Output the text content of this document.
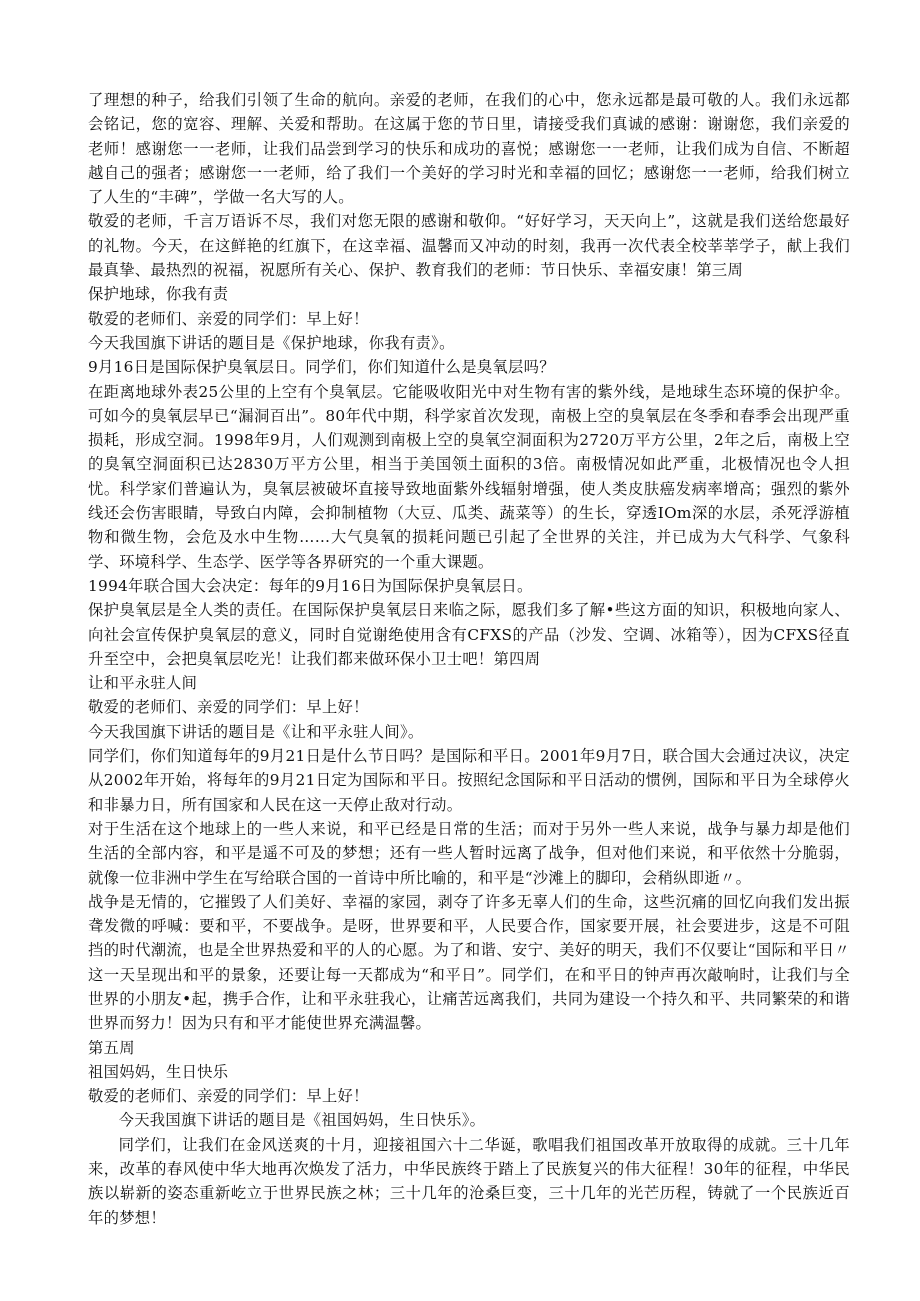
了理想的种子，给我们引领了生命的航向。亲爱的老师，在我们的心中，您永远都是最可敬的人。我们永远都会铭记，您的宽容、理解、关爱和帮助。在这属于您的节日里，请接受我们真诚的感谢：谢谢您，我们亲爱的老师！感谢您一一老师，让我们品尝到学习的快乐和成功的喜悦；感谢您一一老师，让我们成为自信、不断超越自己的强者；感谢您一一老师，给了我们一个美好的学习时光和幸福的回忆；感谢您一一老师，给我们树立了人生的“丰碑”，学做一名大写的人。

敬爱的老师，千言万语诉不尽，我们对您无限的感谢和敬仰。“好好学习，天天向上”，这就是我们送给您最好的礼物。今天，在这鲜艳的红旗下，在这幸福、温馨而又冲动的时刻，我再一次代表全校莘莘学子，献上我们最真挚、最热烈的祝福，祝愿所有关心、保护、教育我们的老师：节日快乐、幸福安康！第三周

保护地球，你我有责

敬爱的老师们、亲爱的同学们：早上好！

今天我国旗下讲话的题目是《保护地球，你我有责》。

9月16日是国际保护臭氧层日。同学们，你们知道什么是臭氧层吗？

在距离地球外表25公里的上空有个臭氧层。它能吸收阳光中对生物有害的紫外线，是地球生态环境的保护伞。可如今的臭氧层早已“漏洞百出”。80年代中期，科学家首次发现，南极上空的臭氧层在冬季和春季会出现严重损耗，形成空洞。1998年9月，人们观测到南极上空的臭氧空洞面积为2720万平方公里，2年之后，南极上空的臭氧空洞面积已达2830万平方公里，相当于美国领土面积的3倍。南极情况如此严重，北极情况也令人担忧。科学家们普遍认为，臭氧层被破坏直接导致地面紫外线辐射增强，使人类皮肤癌发病率增高；强烈的紫外线还会伤害眼睛，导致白内障，会抑制植物（大豆、瓜类、蔬菜等）的生长，穿透IOm深的水层，杀死浮游植物和微生物，会危及水中生物……大气臭氧的损耗问题已引起了全世界的关注，并已成为大气科学、气象科学、环境科学、生态学、医学等各界研究的一个重大课题。

1994年联合国大会决定：每年的9月16日为国际保护臭氧层日。

保护臭氧层是全人类的责任。在国际保护臭氧层日来临之际，愿我们多了解•些这方面的知识，积极地向家人、向社会宣传保护臭氧层的意义，同时自觉谢绝使用含有CFXS的产品（沙发、空调、冰箱等），因为CFXS径直升至空中，会把臭氧层吃光！让我们都来做环保小卫士吧！第四周

让和平永驻人间

敬爱的老师们、亲爱的同学们：早上好！

今天我国旗下讲话的题目是《让和平永驻人间》。

同学们，你们知道每年的9月21日是什么节日吗？是国际和平日。2001年9月7日，联合国大会通过决议，决定从2002年开始，将每年的9月21日定为国际和平日。按照纪念国际和平日活动的惯例，国际和平日为全球停火和非暴力日，所有国家和人民在这一天停止敌对行动。

对于生活在这个地球上的一些人来说，和平已经是日常的生活；而对于另外一些人来说，战争与暴力却是他们生活的全部内容，和平是遥不可及的梦想；还有一些人暂时远离了战争，但对他们来说，和平依然十分脆弱，就像一位非洲中学生在写给联合国的一首诗中所比喻的，和平是“沙滩上的脚印，会稍纵即逝〃。

战争是无情的，它摧毁了人们美好、幸福的家园，剥夺了许多无辜人们的生命，这些沉痛的回忆向我们发出振聋发微的呼喊：要和平，不要战争。是呀，世界要和平，人民要合作，国家要开展，社会要进步，这是不可阻挡的时代潮流，也是全世界热爱和平的人的心愿。为了和谐、安宁、美好的明天，我们不仅要让“国际和平日〃这一天呈现出和平的景象，还要让每一天都成为“和平日”。同学们，在和平日的钟声再次敲响时，让我们与全世界的小朋友•起，携手合作，让和平永驻我心，让痛苦远离我们，共同为建设一个持久和平、共同繁荣的和谐世界而努力！因为只有和平才能使世界充满温馨。

第五周

祖国妈妈，生日快乐

敬爱的老师们、亲爱的同学们：早上好！

今天我国旗下讲话的题目是《祖国妈妈，生日快乐》。

同学们，让我们在金风送爽的十月，迎接祖国六十二华诞，歌唱我们祖国改革开放取得的成就。三十几年来，改革的春风使中华大地再次焕发了活力，中华民族终于踏上了民族复兴的伟大征程！30年的征程，中华民族以崭新的姿态重新屹立于世界民族之林；三十几年的沧桑巨变，三十几年的光芒历程，铸就了一个民族近百年的梦想！
